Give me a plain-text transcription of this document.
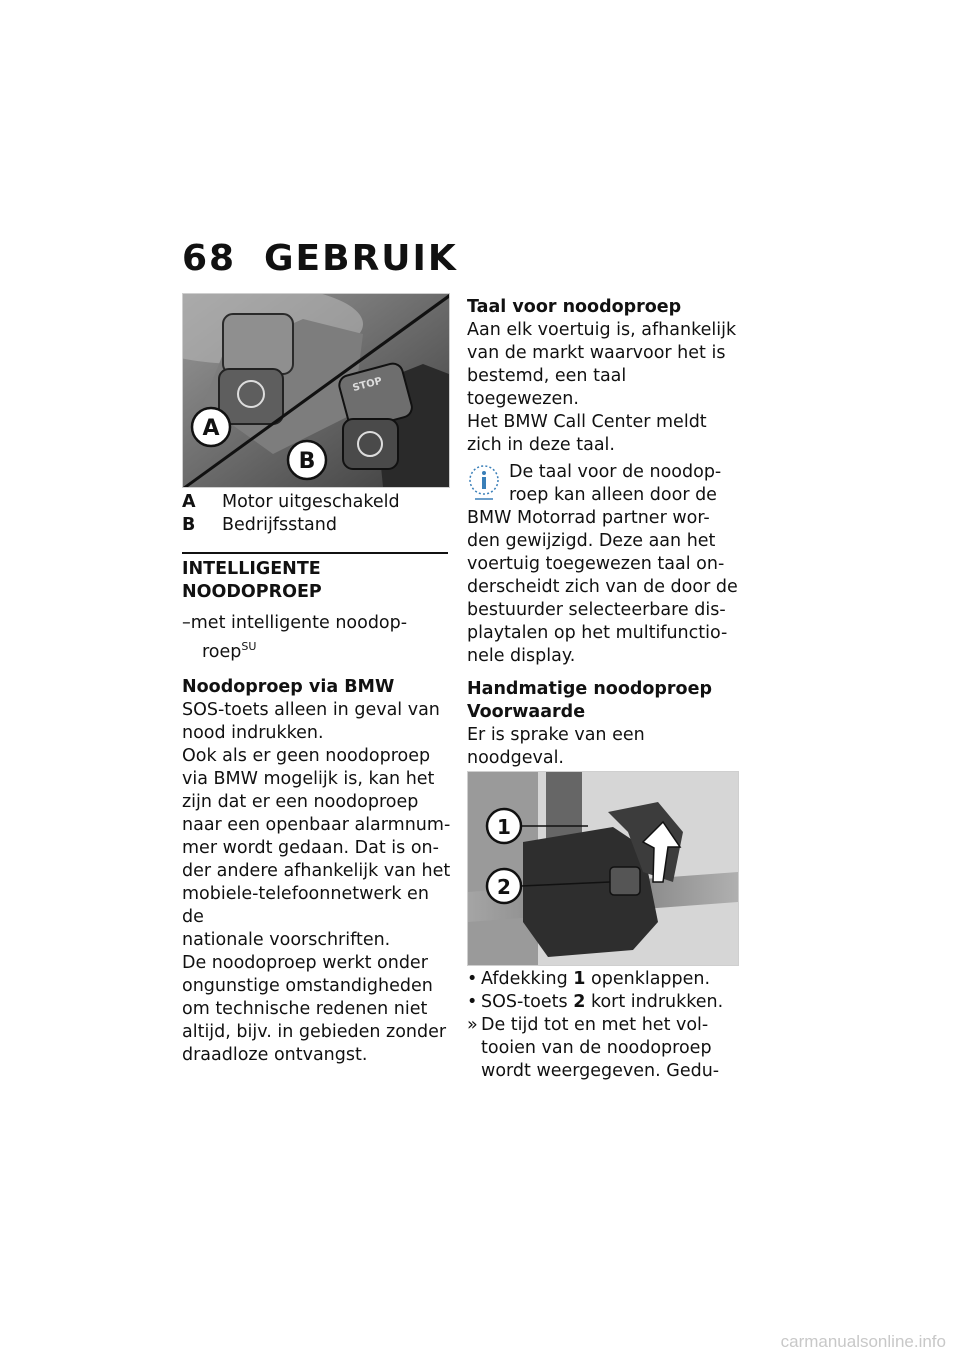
68 GEBRUIK
STOP
A
B
A	Motor uitgeschakeld
B	Bedrijfsstand
INTELLIGENTE
NOODOPROEP
–met intelligente noodop-
roep$^{SU}$
Noodoproep via BMW
SOS-toets alleen in geval van
nood indrukken.
Ook als er geen noodoproep
via BMW mogelijk is, kan het
zijn dat er een noodoproep
naar een openbaar alarmnum-
mer wordt gedaan. Dat is on-
der andere afhankelijk van het
mobiele-telefoonnetwerk en de
nationale voorschriften.
De noodoproep werkt onder
ongunstige omstandigheden
om technische redenen niet
altijd, bijv. in gebieden zonder
draadloze ontvangst.
Taal voor noodoproep
Aan elk voertuig is, afhankelijk
van de markt waarvoor het is
bestemd, een taal toegewezen.
Het BMW Call Center meldt
zich in deze taal.
De taal voor de noodop-
roep kan alleen door de
BMW Motorrad partner wor-
den gewijzigd. Deze aan het
voertuig toegewezen taal on-
derscheidt zich van de door de
bestuurder selecteerbare dis-
playtalen op het multifunctio-
nele display.
Handmatige noodoproep
Voorwaarde
Er is sprake van een noodgeval.
1
2
• Afdekking 1 openklappen.
• SOS-toets 2 kort indrukken.
» De tijd tot en met het vol-
tooien van de noodoproep
wordt weergegeven. Gedu-
carmanualsonline.info
